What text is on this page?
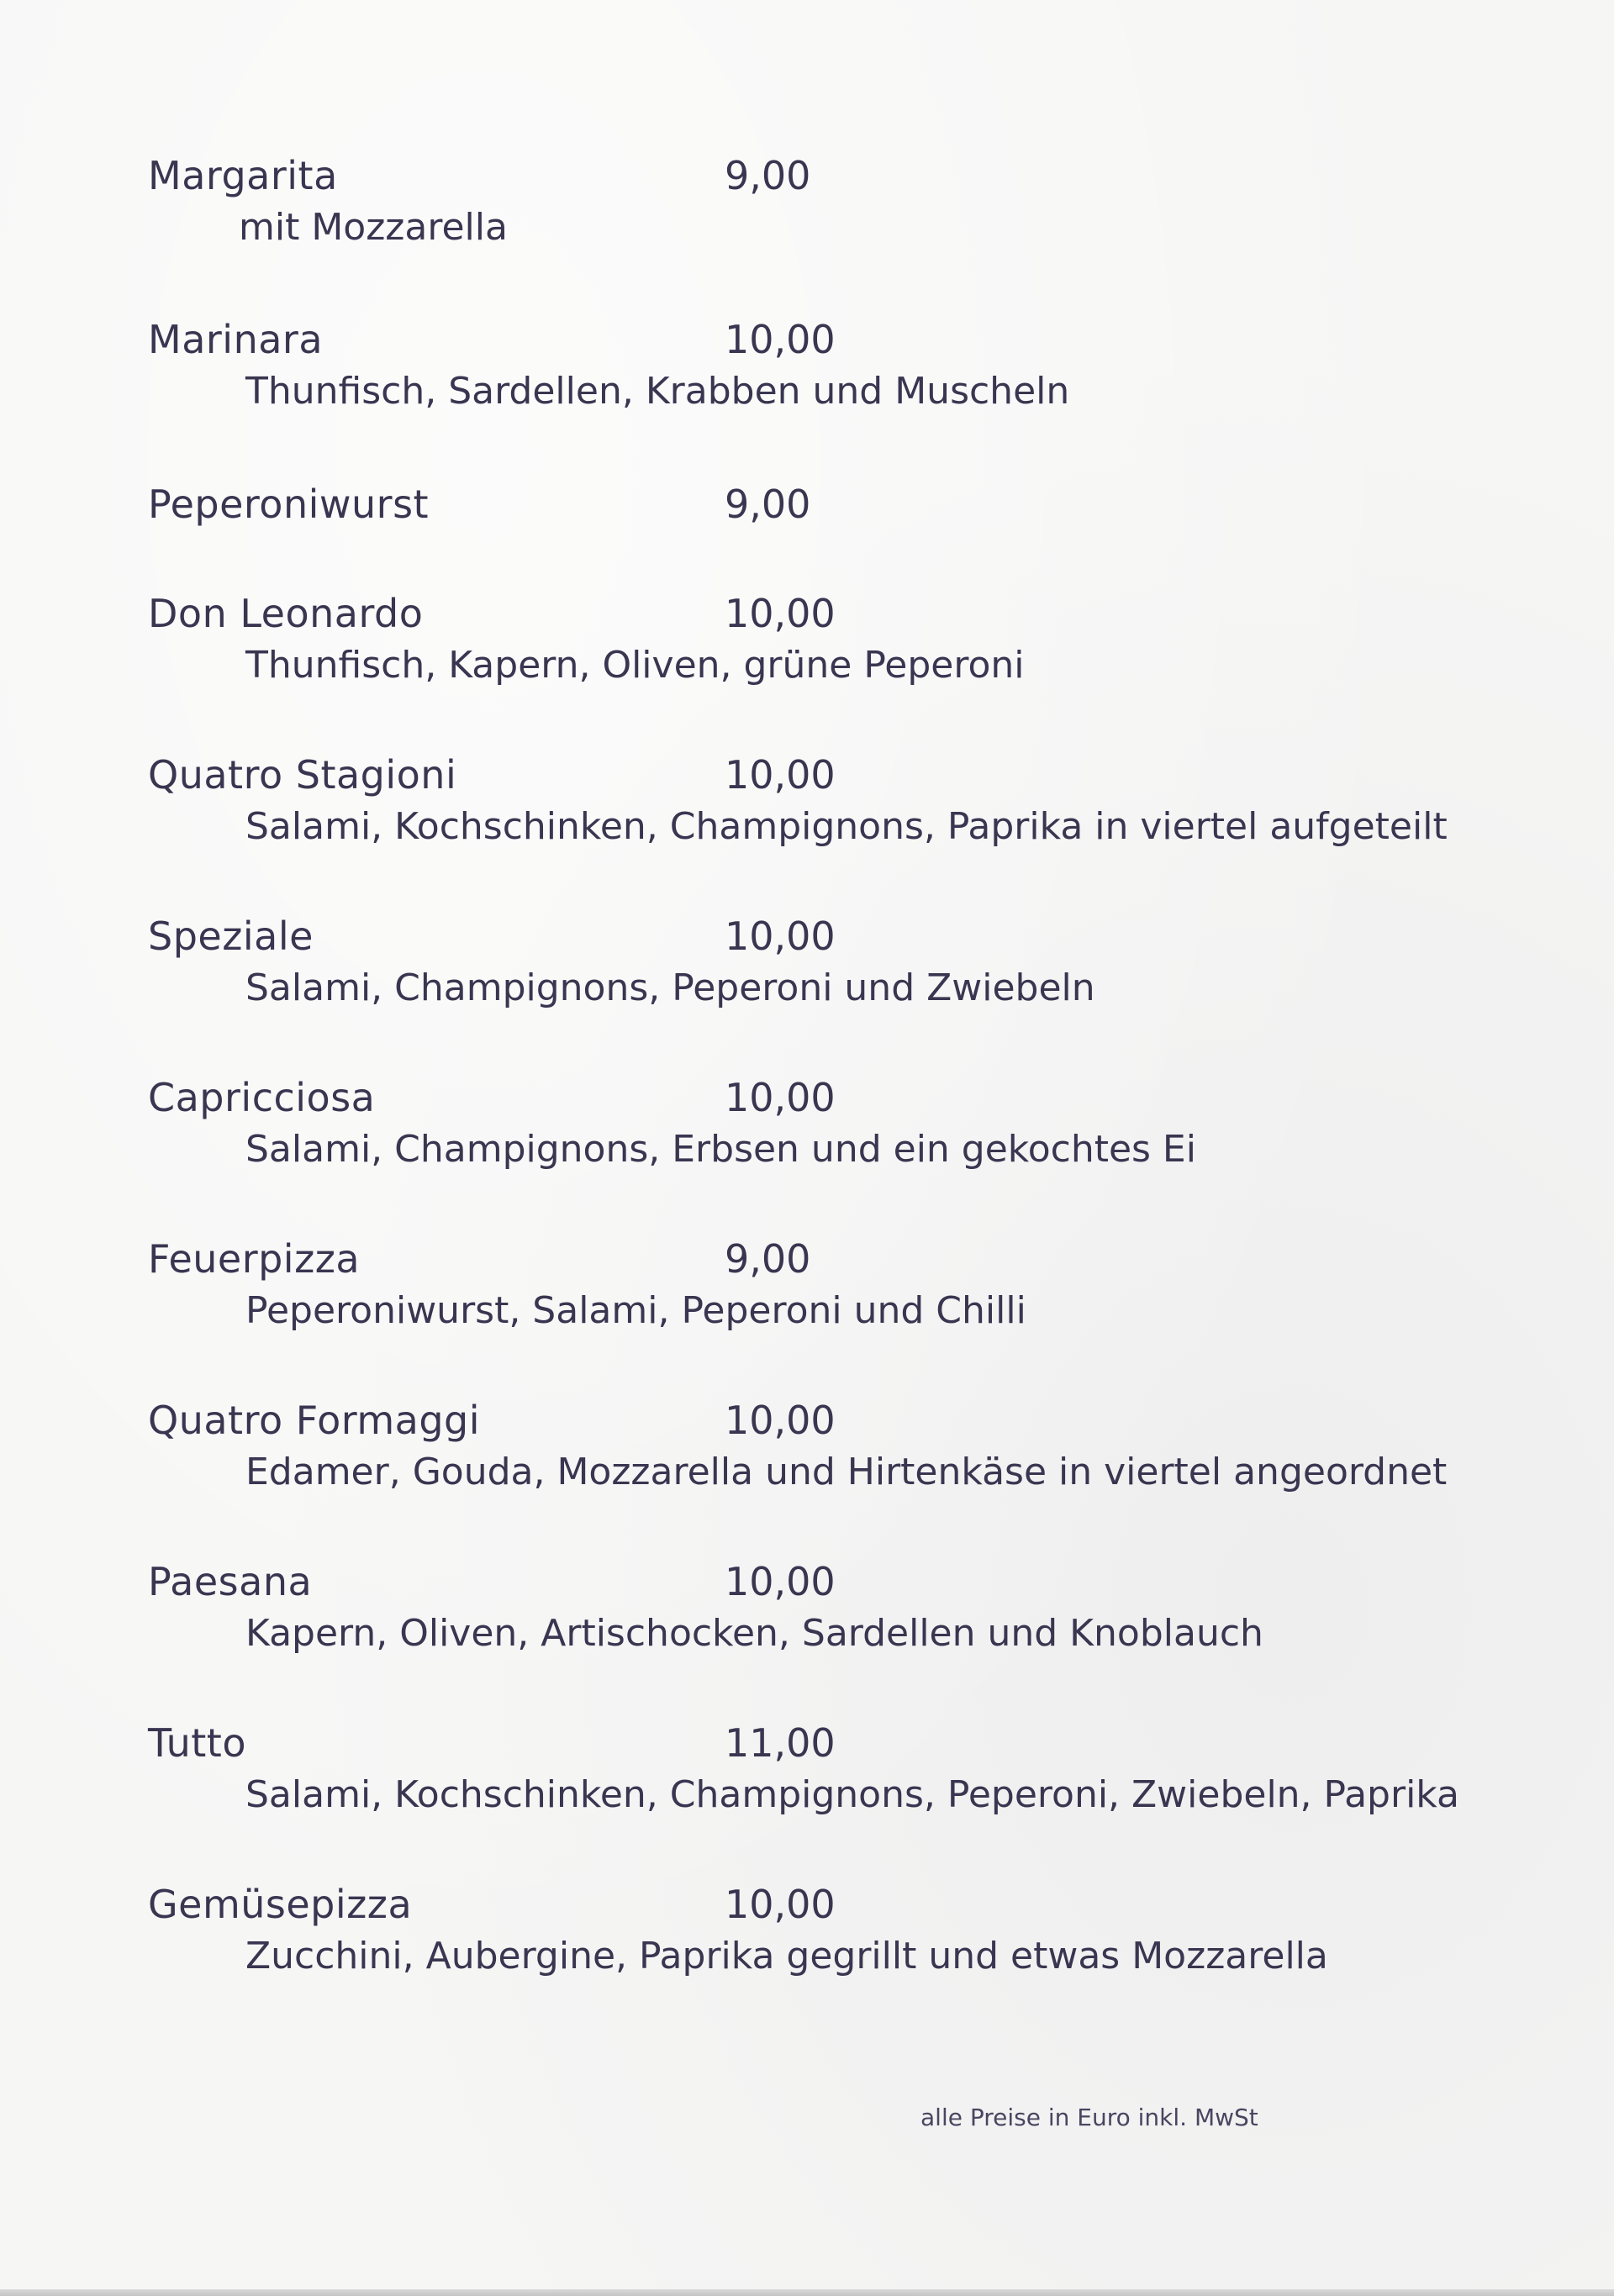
Margarita	9,00
mit Mozzarella
Marinara	10,00
Thunfisch, Sardellen, Krabben und Muscheln
Peperoniwurst	9,00
Don Leonardo	10,00
Thunfisch, Kapern, Oliven, grüne Peperoni
Quatro Stagioni	10,00
Salami, Kochschinken, Champignons, Paprika in viertel aufgeteilt
Speziale	10,00
Salami, Champignons, Peperoni und Zwiebeln
Capricciosa	10,00
Salami, Champignons, Erbsen und ein gekochtes Ei
Feuerpizza	9,00
Peperoniwurst, Salami, Peperoni und Chilli
Quatro Formaggi	10,00
Edamer, Gouda, Mozzarella und Hirtenkäse in viertel angeordnet
Paesana	10,00
Kapern, Oliven, Artischocken, Sardellen und Knoblauch
Tutto	11,00
Salami, Kochschinken, Champignons, Peperoni, Zwiebeln, Paprika
Gemüsepizza	10,00
Zucchini, Aubergine, Paprika gegrillt und etwas Mozzarella
alle Preise in Euro inkl. MwSt
